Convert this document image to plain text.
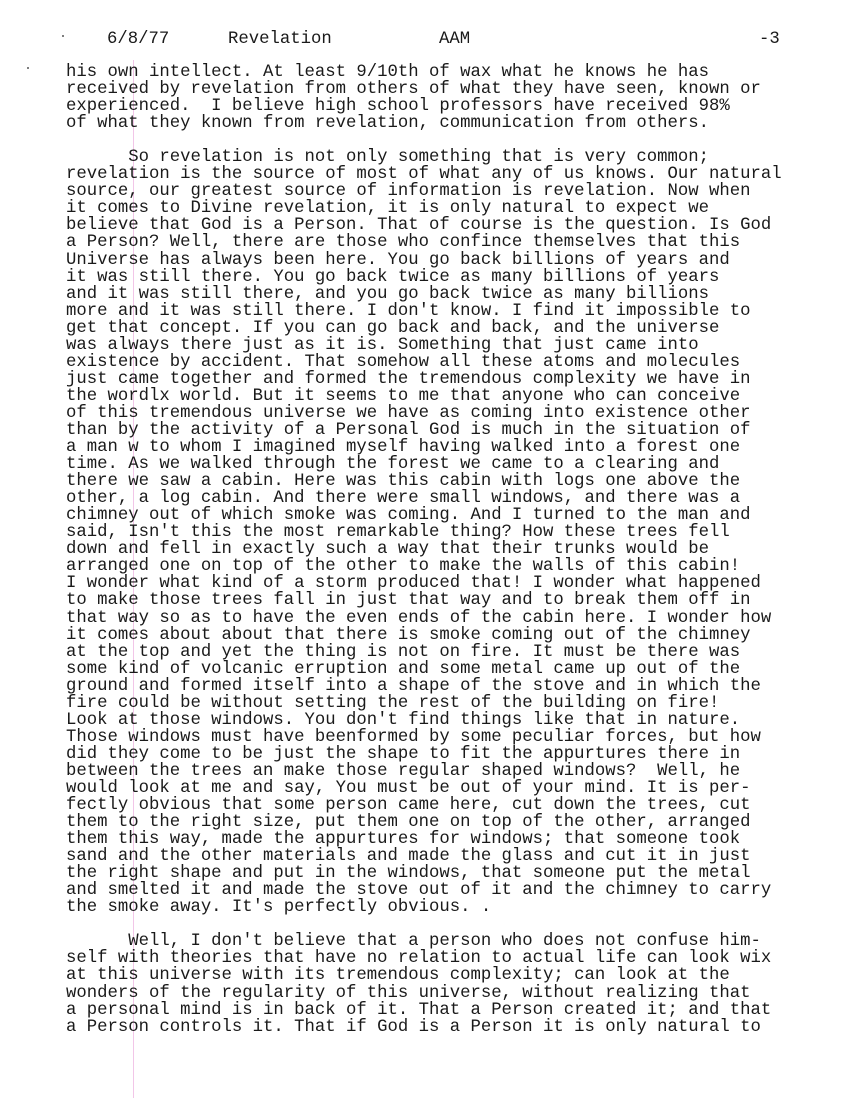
6/8/77	Revelation	AAM	-3
his own intellect. At least 9/10th of wax what he knows he has
received by revelation from others of what they have seen, known or
experienced.  I believe high school professors have received 98%
of what they known from revelation, communication from others.
So revelation is not only something that is very common;
revelation is the source of most of what any of us knows. Our natural
source, our greatest source of information is revelation. Now when
it comes to Divine revelation, it is only natural to expect we
believe that God is a Person. That of course is the question. Is God
a Person? Well, there are those who confince themselves that this
Universe has always been here. You go back billions of years and
it was still there. You go back twice as many billions of years
and it was still there, and you go back twice as many billions
more and it was still there. I don't know. I find it impossible to
get that concept. If you can go back and back, and the universe
was always there just as it is. Something that just came into
existence by accident. That somehow all these atoms and molecules
just came together and formed the tremendous complexity we have in
the wordlx world. But it seems to me that anyone who can conceive
of this tremendous universe we have as coming into existence other
than by the activity of a Personal God is much in the situation of
a man w to whom I imagined myself having walked into a forest one
time. As we walked through the forest we came to a clearing and
there we saw a cabin. Here was this cabin with logs one above the
other, a log cabin. And there were small windows, and there was a
chimney out of which smoke was coming. And I turned to the man and
said, Isn't this the most remarkable thing? How these trees fell
down and fell in exactly such a way that their trunks would be
arranged one on top of the other to make the walls of this cabin!
I wonder what kind of a storm produced that! I wonder what happened
to make those trees fall in just that way and to break them off in
that way so as to have the even ends of the cabin here. I wonder how
it comes about about that there is smoke coming out of the chimney
at the top and yet the thing is not on fire. It must be there was
some kind of volcanic erruption and some metal came up out of the
ground and formed itself into a shape of the stove and in which the
fire could be without setting the rest of the building on fire!
Look at those windows. You don't find things like that in nature.
Those windows must have beenformed by some peculiar forces, but how
did they come to be just the shape to fit the appurtures there in
between the trees an make those regular shaped windows?  Well, he
would look at me and say, You must be out of your mind. It is per-
fectly obvious that some person came here, cut down the trees, cut
them to the right size, put them one on top of the other, arranged
them this way, made the appurtures for windows; that someone took
sand and the other materials and made the glass and cut it in just
the right shape and put in the windows, that someone put the metal
and smelted it and made the stove out of it and the chimney to carry
the smoke away. It's perfectly obvious. .
Well, I don't believe that a person who does not confuse him-
self with theories that have no relation to actual life can look wix
at this universe with its tremendous complexity; can look at the
wonders of the regularity of this universe, without realizing that
a personal mind is in back of it. That a Person created it; and that
a Person controls it. That if God is a Person it is only natural to
